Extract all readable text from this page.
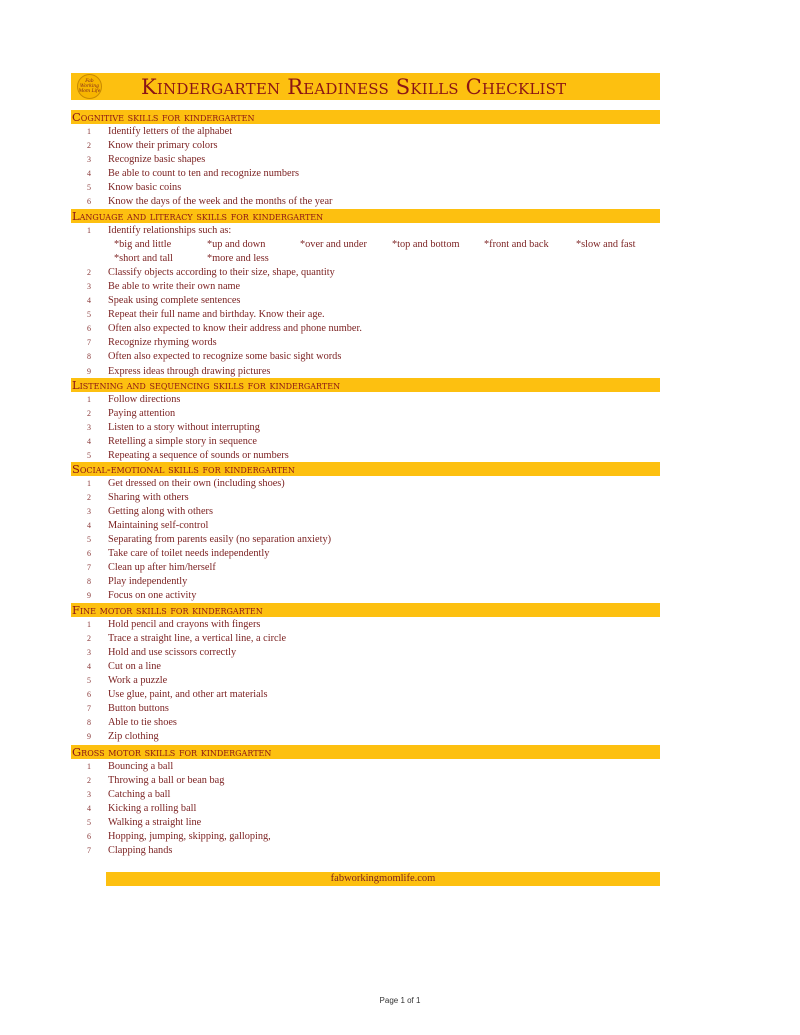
Fab Working Mom Life Kindergarten Readiness Skills Checklist
Cognitive skills for kindergarten
1	Identify letters of the alphabet
2	Know their primary colors
3	Recognize basic shapes
4	Be able to count to ten and recognize numbers
5	Know basic coins
6	Know the days of the week and the months of the year
Language and literacy skills for kindergarten
1	Identify relationships such as:
*big and little	*up and down	*over and under *top and bottom *front and back	*slow and fast
*short and tall	*more and less
2	Classify objects according to their size, shape, quantity
3	Be able to write their own name
4	Speak using complete sentences
5	Repeat their full name and birthday. Know their age.
6	Often also expected to know their address and phone number.
7	Recognize rhyming words
8	Often also expected to recognize some basic sight words
9	Express ideas through drawing pictures
Listening and sequencing skills for kindergarten
1	Follow directions
2	Paying attention
3	Listen to a story without interrupting
4	Retelling a simple story in sequence
5	Repeating a sequence of sounds or numbers
Social-emotional skills for kindergarten
1	Get dressed on their own (including shoes)
2	Sharing with others
3	Getting along with others
4	Maintaining self-control
5	Separating from parents easily (no separation anxiety)
6	Take care of toilet needs independently
7	Clean up after him/herself
8	Play independently
9	Focus on one activity
Fine motor skills for kindergarten
1	Hold pencil and crayons with fingers
2	Trace a straight line, a vertical line, a circle
3	Hold and use scissors correctly
4	Cut on a line
5	Work a puzzle
6	Use glue, paint, and other art materials
7	Button buttons
8	Able to tie shoes
9	Zip clothing
Gross motor skills for kindergarten
1	Bouncing a ball
2	Throwing a ball or bean bag
3	Catching a ball
4	Kicking a rolling ball
5	Walking a straight line
6	Hopping, jumping, skipping, galloping,
7	Clapping hands
fabworkingmomlife.com
Page 1 of 1
